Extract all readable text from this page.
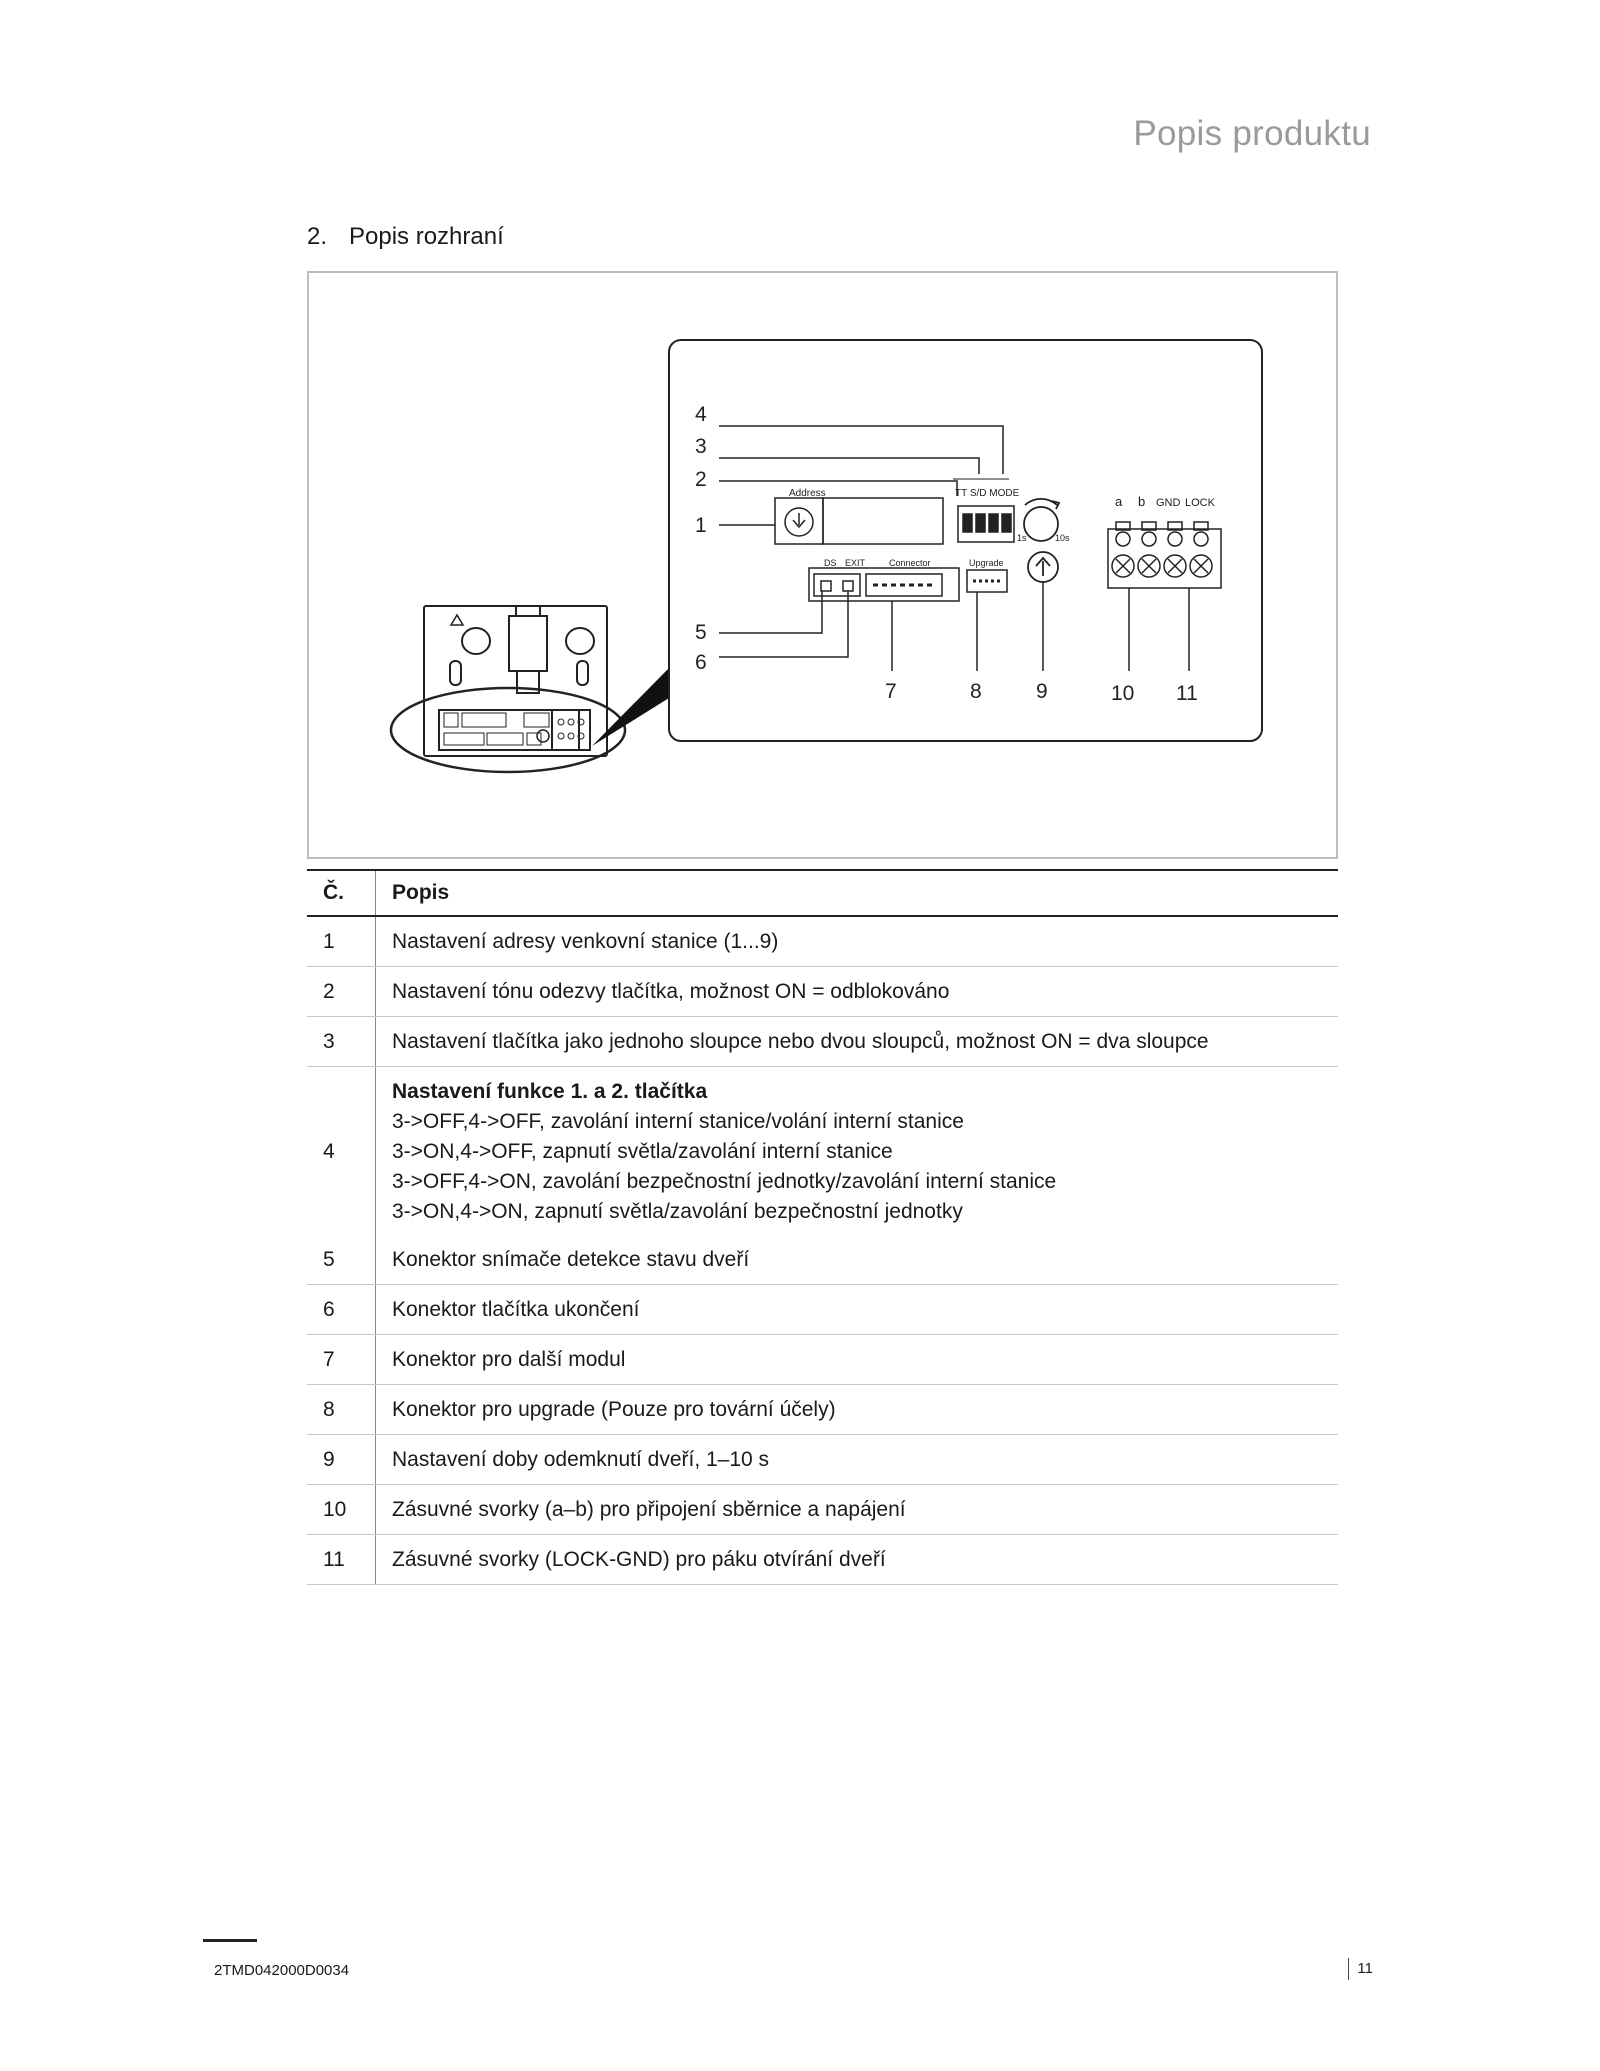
Popis produktu
2. Popis rozhraní
Address	TT S/D MODE
1s	10s
DS EXIT	Connector	Upgrade
a b GND LOCK
4
3
2
1
5
6
7	8	9	10 11
Č.	Popis
1	Nastavení adresy venkovní stanice (1...9)
2	Nastavení tónu odezvy tlačítka, možnost ON = odblokováno
3	Nastavení tlačítka jako jednoho sloupce nebo dvou sloupců, možnost ON = dva sloupce
4	Nastavení funkce 1. a 2. tlačítka
3->OFF,4->OFF, zavolání interní stanice/volání interní stanice
3->ON,4->OFF, zapnutí světla/zavolání interní stanice
3->OFF,4->ON, zavolání bezpečnostní jednotky/zavolání interní stanice
3->ON,4->ON, zapnutí světla/zavolání bezpečnostní jednotky

5	Konektor snímače detekce stavu dveří
6	Konektor tlačítka ukončení
7	Konektor pro další modul
8	Konektor pro upgrade (Pouze pro tovární účely)
9	Nastavení doby odemknutí dveří, 1–10 s
10	Zásuvné svorky (a–b) pro připojení sběrnice a napájení
11	Zásuvné svorky (LOCK-GND) pro páku otvírání dveří
2TMD042000D0034	11
